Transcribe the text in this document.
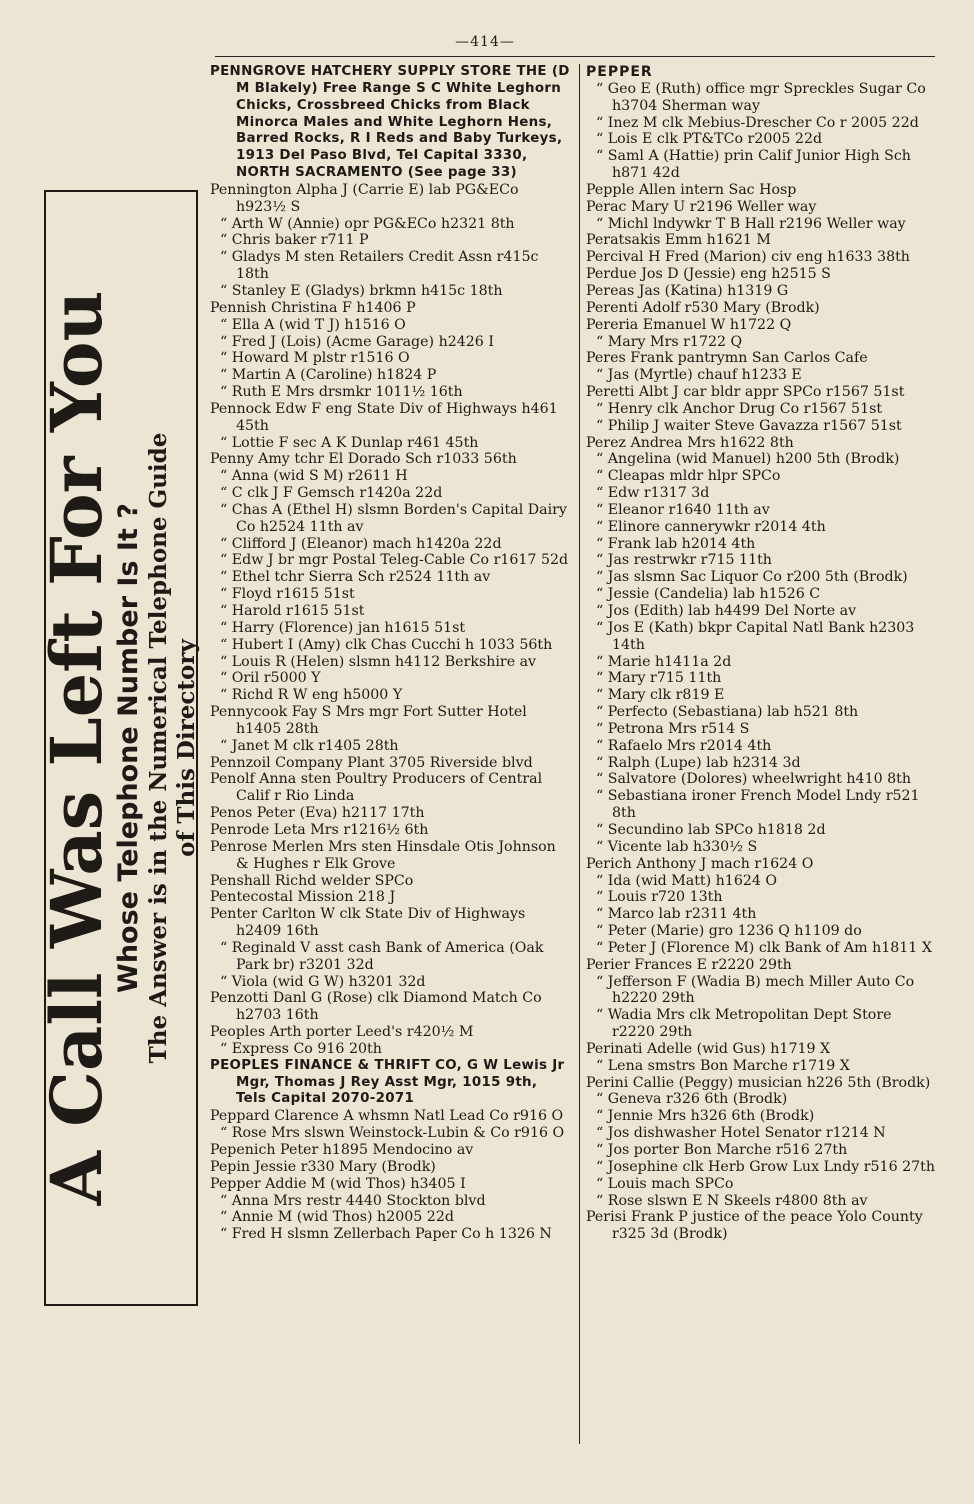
—414—
A Call Was Left For You
Whose Telephone Number Is It ? The Answer is in the Numerical Telephone Guide of This Directory
PENNGROVE HATCHERY SUPPLY STORE THE (D M Blakely) Free Range S C White Leghorn Chicks, Crossbreed Chicks from Black Minorca Males and White Leghorn Hens, Barred Rocks, R I Reds and Baby Turkeys, 1913 Del Paso Blvd, Tel Capital 3330, NORTH SACRAMENTO (See page 33)
Pennington Alpha J (Carrie E) lab PG&ECo h923½ S
“ Arth W (Annie) opr PG&ECo h2321 8th
“ Chris baker r711 P
“ Gladys M sten Retailers Credit Assn r415c 18th
“ Stanley E (Gladys) brkmn h415c 18th
Pennish Christina F h1406 P
“ Ella A (wid T J) h1516 O
“ Fred J (Lois) (Acme Garage) h2426 I
“ Howard M plstr r1516 O
“ Martin A (Caroline) h1824 P
“ Ruth E Mrs drsmkr 1011½ 16th
Pennock Edw F eng State Div of Highways h461 45th
“ Lottie F sec A K Dunlap r461 45th
Penny Amy tchr El Dorado Sch r1033 56th
“ Anna (wid S M) r2611 H
“ C clk J F Gemsch r1420a 22d
“ Chas A (Ethel H) slsmn Borden's Capital Dairy Co h2524 11th av
“ Clifford J (Eleanor) mach h1420a 22d
“ Edw J br mgr Postal Teleg-Cable Co r1617 52d
“ Ethel tchr Sierra Sch r2524 11th av
“ Floyd r1615 51st
“ Harold r1615 51st
“ Harry (Florence) jan h1615 51st
“ Hubert I (Amy) clk Chas Cucchi h 1033 56th
“ Louis R (Helen) slsmn h4112 Berkshire av
“ Oril r5000 Y
“ Richd R W eng h5000 Y
Pennycook Fay S Mrs mgr Fort Sutter Hotel h1405 28th
“ Janet M clk r1405 28th
Pennzoil Company Plant 3705 Riverside blvd
Penolf Anna sten Poultry Producers of Central Calif r Rio Linda
Penos Peter (Eva) h2117 17th
Penrode Leta Mrs r1216½ 6th
Penrose Merlen Mrs sten Hinsdale Otis Johnson & Hughes r Elk Grove
Penshall Richd welder SPCo
Pentecostal Mission 218 J
Penter Carlton W clk State Div of Highways h2409 16th
“ Reginald V asst cash Bank of America (Oak Park br) r3201 32d
“ Viola (wid G W) h3201 32d
Penzotti Danl G (Rose) clk Diamond Match Co h2703 16th
Peoples Arth porter Leed's r420½ M
“ Express Co 916 20th
PEOPLES FINANCE & THRIFT CO, G W Lewis Jr Mgr, Thomas J Rey Asst Mgr, 1015 9th, Tels Capital 2070-2071
Peppard Clarence A whsmn Natl Lead Co r916 O
“ Rose Mrs slswn Weinstock-Lubin & Co r916 O
Pepenich Peter h1895 Mendocino av
Pepin Jessie r330 Mary (Brodk)
Pepper Addie M (wid Thos) h3405 I
“ Anna Mrs restr 4440 Stockton blvd
“ Annie M (wid Thos) h2005 22d
“ Fred H slsmn Zellerbach Paper Co h 1326 N
PEPPER
“ Geo E (Ruth) office mgr Spreckles Sugar Co h3704 Sherman way
“ Inez M clk Mebius-Drescher Co r 2005 22d
“ Lois E clk PT&TCo r2005 22d
“ Saml A (Hattie) prin Calif Junior High Sch h871 42d
Pepple Allen intern Sac Hosp
Perac Mary U r2196 Weller way
“ Michl lndywkr T B Hall r2196 Weller way
Peratsakis Emm h1621 M
Percival H Fred (Marion) civ eng h1633 38th
Perdue Jos D (Jessie) eng h2515 S
Pereas Jas (Katina) h1319 G
Perenti Adolf r530 Mary (Brodk)
Pereria Emanuel W h1722 Q
“ Mary Mrs r1722 Q
Peres Frank pantrymn San Carlos Cafe
“ Jas (Myrtle) chauf h1233 E
Peretti Albt J car bldr appr SPCo r1567 51st
“ Henry clk Anchor Drug Co r1567 51st
“ Philip J waiter Steve Gavazza r1567 51st
Perez Andrea Mrs h1622 8th
“ Angelina (wid Manuel) h200 5th (Brodk)
“ Cleapas mldr hlpr SPCo
“ Edw r1317 3d
“ Eleanor r1640 11th av
“ Elinore cannerywkr r2014 4th
“ Frank lab h2014 4th
“ Jas restrwkr r715 11th
“ Jas slsmn Sac Liquor Co r200 5th (Brodk)
“ Jessie (Candelia) lab h1526 C
“ Jos (Edith) lab h4499 Del Norte av
“ Jos E (Kath) bkpr Capital Natl Bank h2303 14th
“ Marie h1411a 2d
“ Mary r715 11th
“ Mary clk r819 E
“ Perfecto (Sebastiana) lab h521 8th
“ Petrona Mrs r514 S
“ Rafaelo Mrs r2014 4th
“ Ralph (Lupe) lab h2314 3d
“ Salvatore (Dolores) wheelwright h410 8th
“ Sebastiana ironer French Model Lndy r521 8th
“ Secundino lab SPCo h1818 2d
“ Vicente lab h330½ S
Perich Anthony J mach r1624 O
“ Ida (wid Matt) h1624 O
“ Louis r720 13th
“ Marco lab r2311 4th
“ Peter (Marie) gro 1236 Q h1109 do
“ Peter J (Florence M) clk Bank of Am h1811 X
Perier Frances E r2220 29th
“ Jefferson F (Wadia B) mech Miller Auto Co h2220 29th
“ Wadia Mrs clk Metropolitan Dept Store r2220 29th
Perinati Adelle (wid Gus) h1719 X
“ Lena smstrs Bon Marche r1719 X
Perini Callie (Peggy) musician h226 5th (Brodk)
“ Geneva r326 6th (Brodk)
“ Jennie Mrs h326 6th (Brodk)
“ Jos dishwasher Hotel Senator r1214 N
“ Jos porter Bon Marche r516 27th
“ Josephine clk Herb Grow Lux Lndy r516 27th
“ Louis mach SPCo
“ Rose slswn E N Skeels r4800 8th av
Perisi Frank P justice of the peace Yolo County r325 3d (Brodk)
